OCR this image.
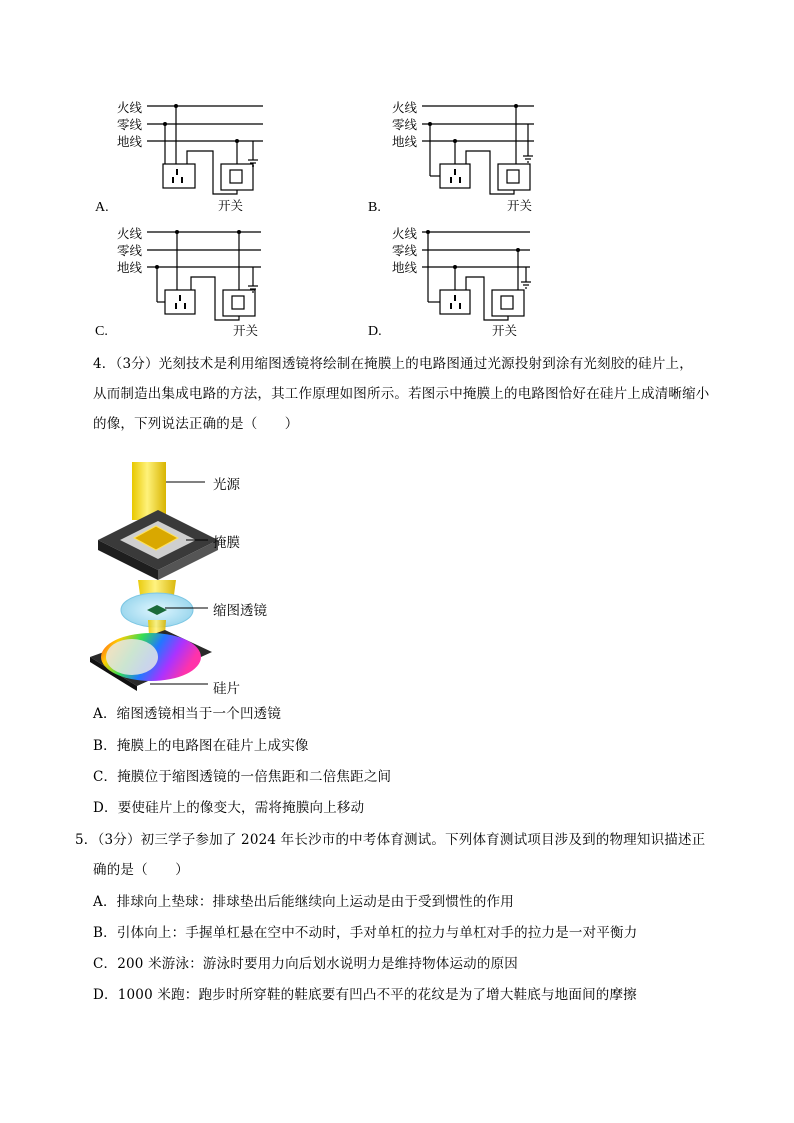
火线
零线
地线
A.	开关
火线
零线
地线
B.	开关
火线
零线
地线
C.	开关
火线
零线
地线
D.	开关
4．（3分）光刻技术是利用缩图透镜将绘制在掩膜上的电路图通过光源投射到涂有光刻胶的硅片上，
从而制造出集成电路的方法，其工作原理如图所示。若图示中掩膜上的电路图恰好在硅片上成清晰缩小
的像，下列说法正确的是（　　）
光源
掩膜
缩图透镜
硅片
A．缩图透镜相当于一个凹透镜
B．掩膜上的电路图在硅片上成实像
C．掩膜位于缩图透镜的一倍焦距和二倍焦距之间
D．要使硅片上的像变大，需将掩膜向上移动
5．（3分）初三学子参加了 2024 年长沙市的中考体育测试。下列体育测试项目涉及到的物理知识描述正
确的是（　　）
A．排球向上垫球：排球垫出后能继续向上运动是由于受到惯性的作用
B．引体向上：手握单杠悬在空中不动时，手对单杠的拉力与单杠对手的拉力是一对平衡力
C．200 米游泳：游泳时要用力向后划水说明力是维持物体运动的原因
D．1000 米跑：跑步时所穿鞋的鞋底要有凹凸不平的花纹是为了增大鞋底与地面间的摩擦
